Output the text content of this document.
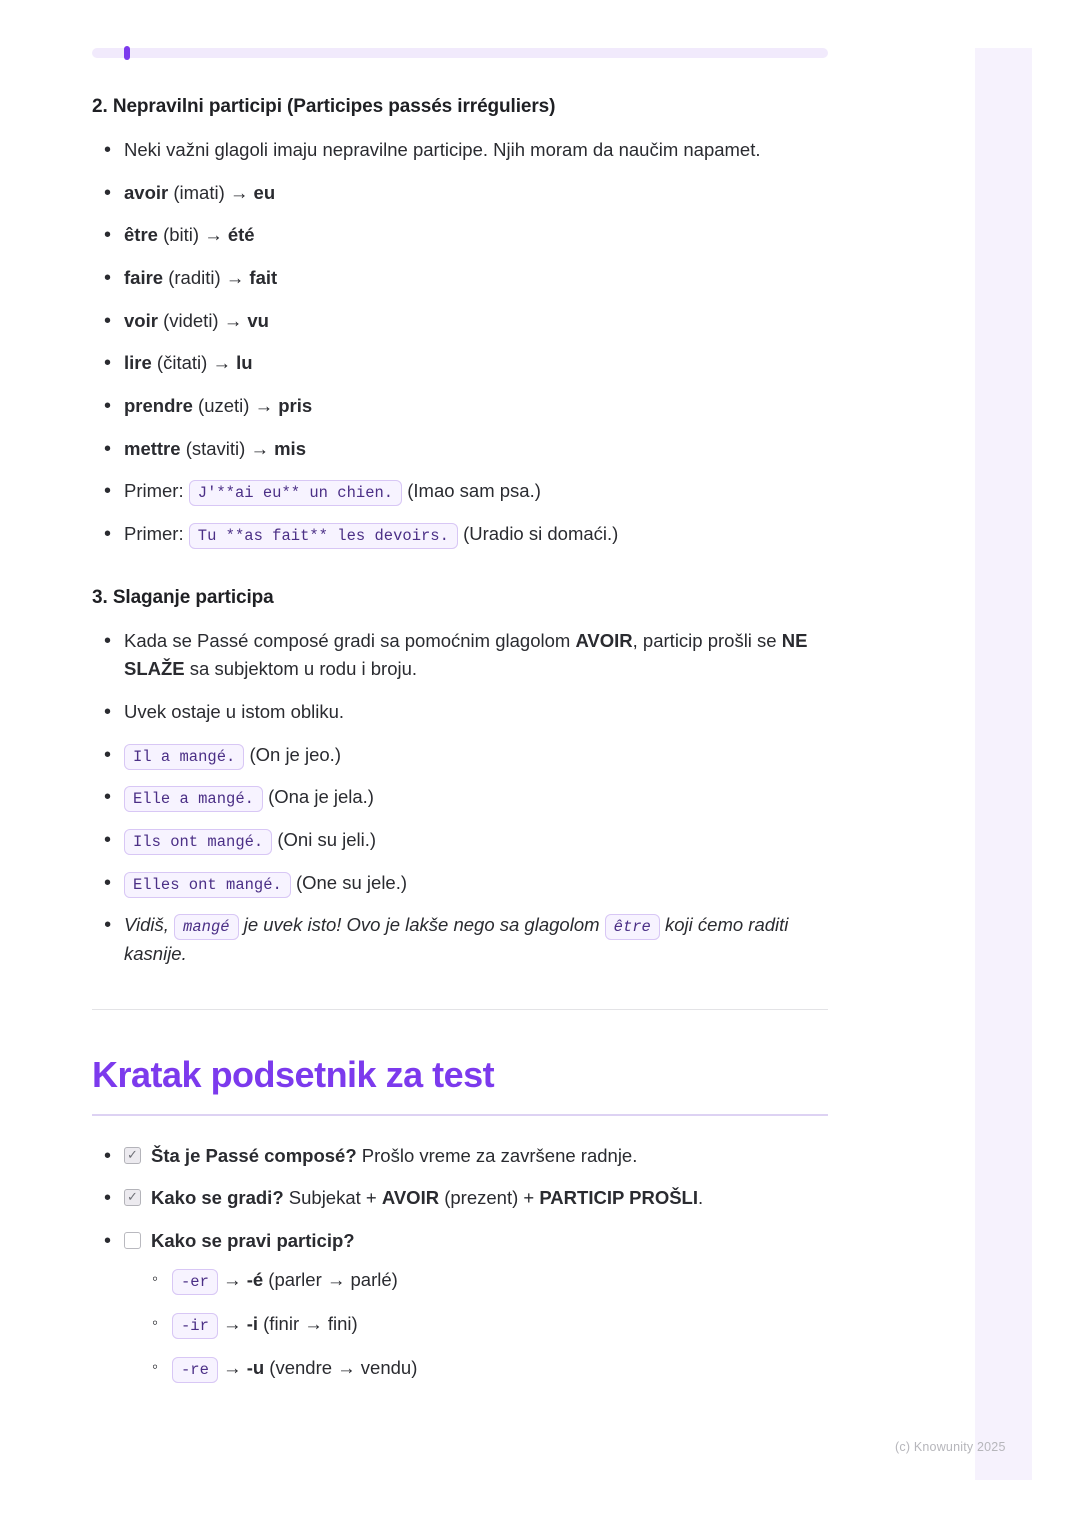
2. Nepravilni participi (Participes passés irréguliers)
• Neki važni glagoli imaju nepravilne participe. Njih moram da naučim napamet.
• avoir (imati) → eu
• être (biti) → été
• faire (raditi) → fait
• voir (videti) → vu
• lire (čitati) → lu
• prendre (uzeti) → pris
• mettre (staviti) → mis
• Primer: J'**ai eu** un chien. (Imao sam psa.)
• Primer: Tu **as fait** les devoirs. (Uradio si domaći.)
3. Slaganje participa
• Kada se Passé composé gradi sa pomoćnim glagolom AVOIR, particip prošli se NE SLAŽE sa subjektom u rodu i broju.
• Uvek ostaje u istom obliku.
• Il a mangé. (On je jeo.)
• Elle a mangé. (Ona je jela.)
• Ils ont mangé. (Oni su jeli.)
• Elles ont mangé. (One su jele.)
• Vidiš, mangé je uvek isto! Ovo je lakše nego sa glagolom être koji ćemo raditi kasnije.
Kratak podsetnik za test
✓• Šta je Passé composé? Prošlo vreme za završene radnje.
✓• Kako se gradi? Subjekat + AVOIR (prezent) + PARTICIP PROŠLI.
• Kako se pravi particip?
◦ -er → -é (parler → parlé)
◦ -ir → -i (finir → fini)
◦ -re → -u (vendre → vendu)
(c) Knowunity 2025
